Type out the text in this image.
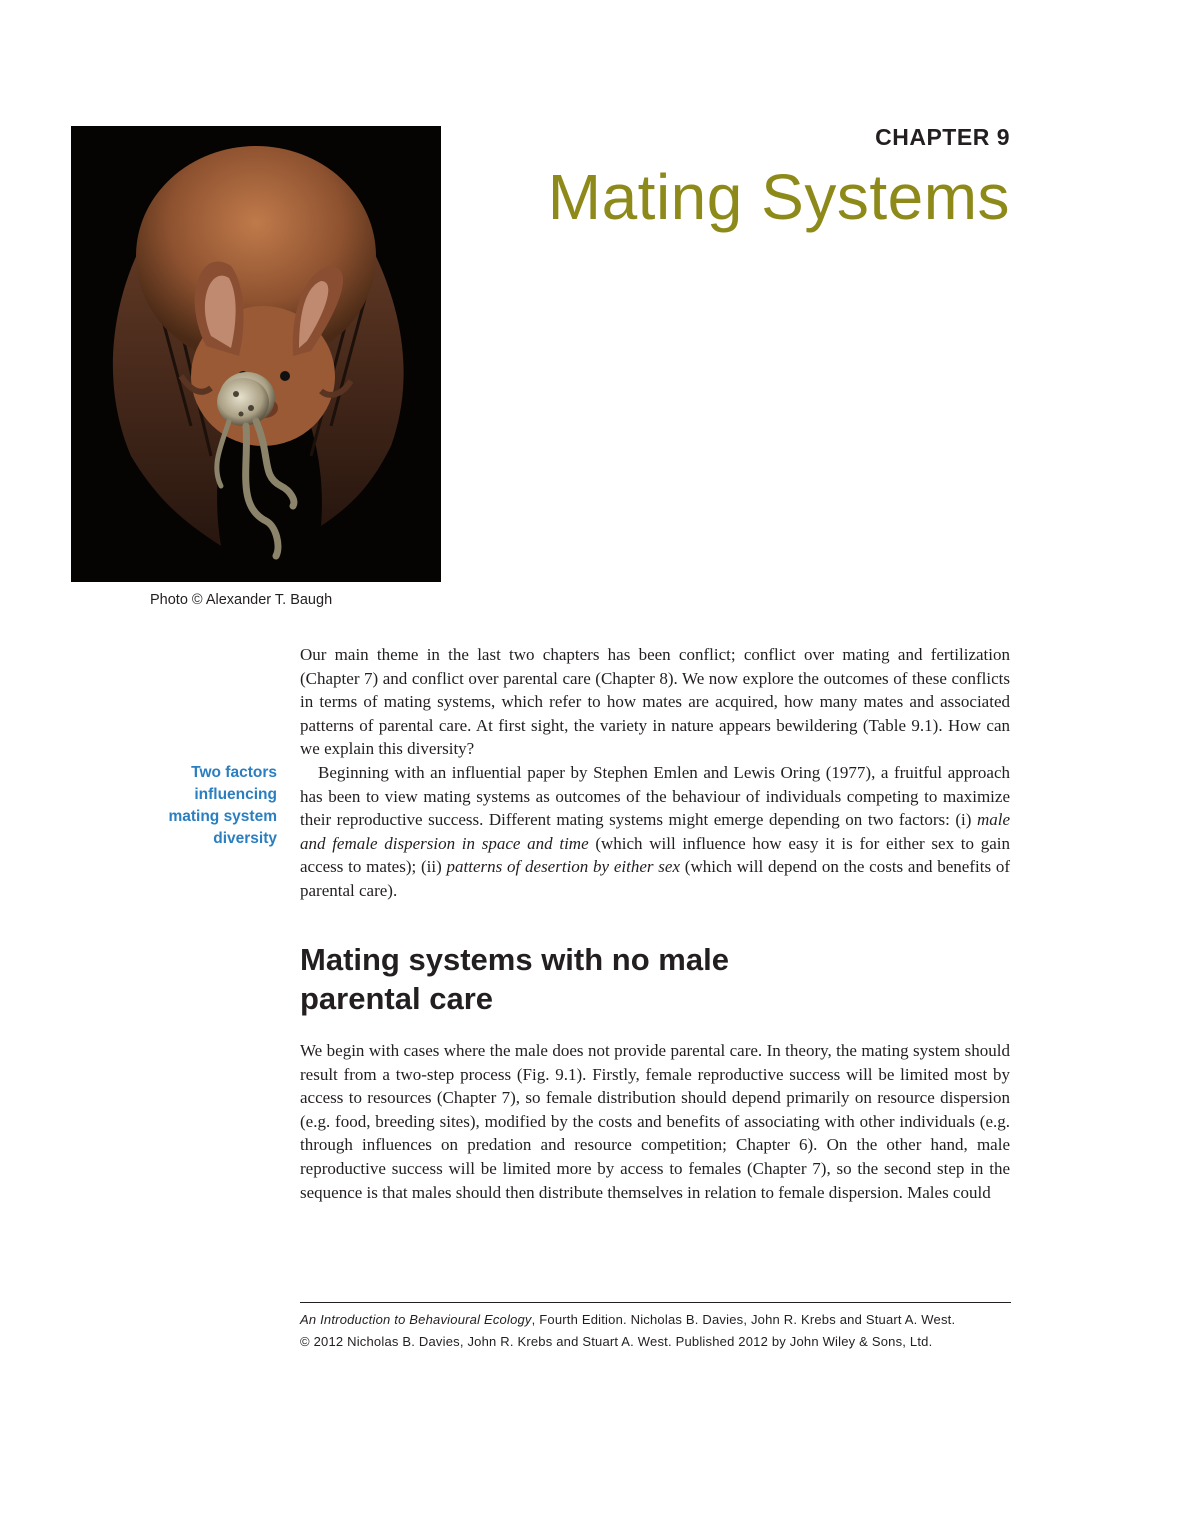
Photo © Alexander T. Baugh
CHAPTER 9
Mating Systems
Two factors
influencing
mating system
diversity

Our main theme in the last two chapters has been conflict; conflict over mating and fertilization (Chapter 7) and conflict over parental care (Chapter 8). We now explore the outcomes of these conflicts in terms of mating systems, which refer to how mates are acquired, how many mates and associated patterns of parental care. At first sight, the variety in nature appears bewildering (Table 9.1). How can we explain this diversity?

Beginning with an influential paper by Stephen Emlen and Lewis Oring (1977), a fruitful approach has been to view mating systems as outcomes of the behaviour of individuals competing to maximize their reproductive success. Different mating systems might emerge depending on two factors: (i) male and female dispersion in space and time (which will influence how easy it is for either sex to gain access to mates); (ii) patterns of desertion by either sex (which will depend on the costs and benefits of parental care).

Mating systems with no male
parental care

We begin with cases where the male does not provide parental care. In theory, the mating system should result from a two-step process (Fig. 9.1). Firstly, female reproductive success will be limited most by access to resources (Chapter 7), so female distribution should depend primarily on resource dispersion (e.g. food, breeding sites), modified by the costs and benefits of associating with other individuals (e.g. through influences on predation and resource competition; Chapter 6). On the other hand, male reproductive success will be limited more by access to females (Chapter 7), so the second step in the sequence is that males should then distribute themselves in relation to female dispersion. Males could

An Introduction to Behavioural Ecology, Fourth Edition. Nicholas B. Davies, John R. Krebs and Stuart A. West.
© 2012 Nicholas B. Davies, John R. Krebs and Stuart A. West. Published 2012 by John Wiley & Sons, Ltd.
